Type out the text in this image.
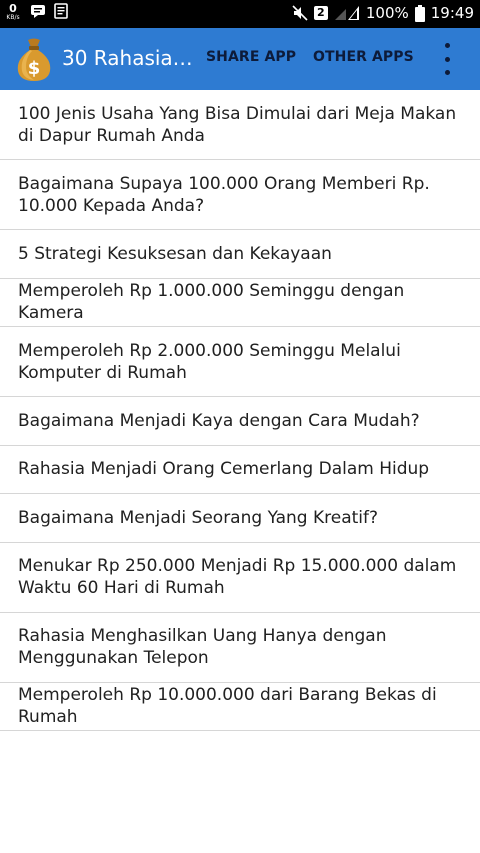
0
KB/s	2	100% 19:49
$ 30 Rahasia… SHARE APP OTHER APPS
100 Jenis Usaha Yang Bisa Dimulai dari Meja Makan di Dapur Rumah Anda
Bagaimana Supaya 100.000 Orang Memberi Rp. 10.000 Kepada Anda?
5 Strategi Kesuksesan dan Kekayaan
Memperoleh Rp 1.000.000 Seminggu dengan Kamera
Memperoleh Rp 2.000.000 Seminggu Melalui Komputer di Rumah
Bagaimana Menjadi Kaya dengan Cara Mudah?
Rahasia Menjadi Orang Cemerlang Dalam Hidup
Bagaimana Menjadi Seorang Yang Kreatif?
Menukar Rp 250.000 Menjadi Rp 15.000.000 dalam Waktu 60 Hari di Rumah
Rahasia Menghasilkan Uang Hanya dengan Menggunakan Telepon
Memperoleh Rp 10.000.000 dari Barang Bekas di Rumah
